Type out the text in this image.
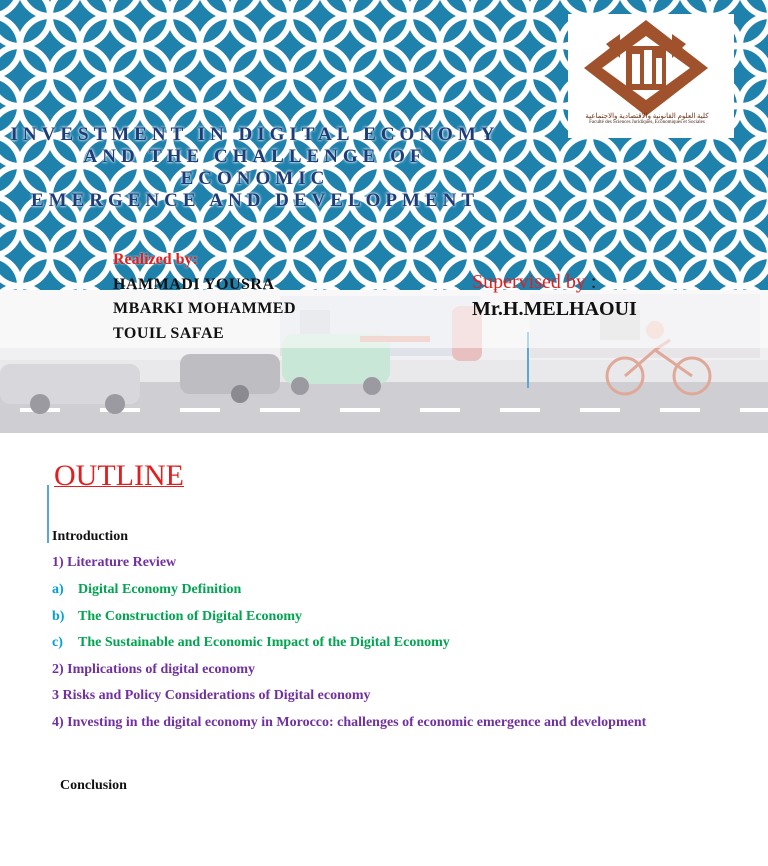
INVESTMENT IN DIGITAL ECONOMY
AND THE CHALLENGE OF ECONOMIC
EMERGENCE AND DEVELOPMENT
كلية العلوم القانونية والاقتصادية والاجتماعية
Faculté des Sciences Juridiques, Economiques et Sociales
Realized by:
HAMMADI YOUSRA
MBARKI MOHAMMED
TOUIL SAFAE
Supervised by :
Mr.H.MELHAOUI
OUTLINE
Introduction
1) Literature Review
a) Digital Economy Definition
b) The Construction of Digital Economy
c) The Sustainable and Economic Impact of the Digital Economy
2) Implications of digital economy
3 Risks and Policy Considerations of Digital economy
4) Investing in the digital economy in Morocco: challenges of economic emergence and development
Conclusion
